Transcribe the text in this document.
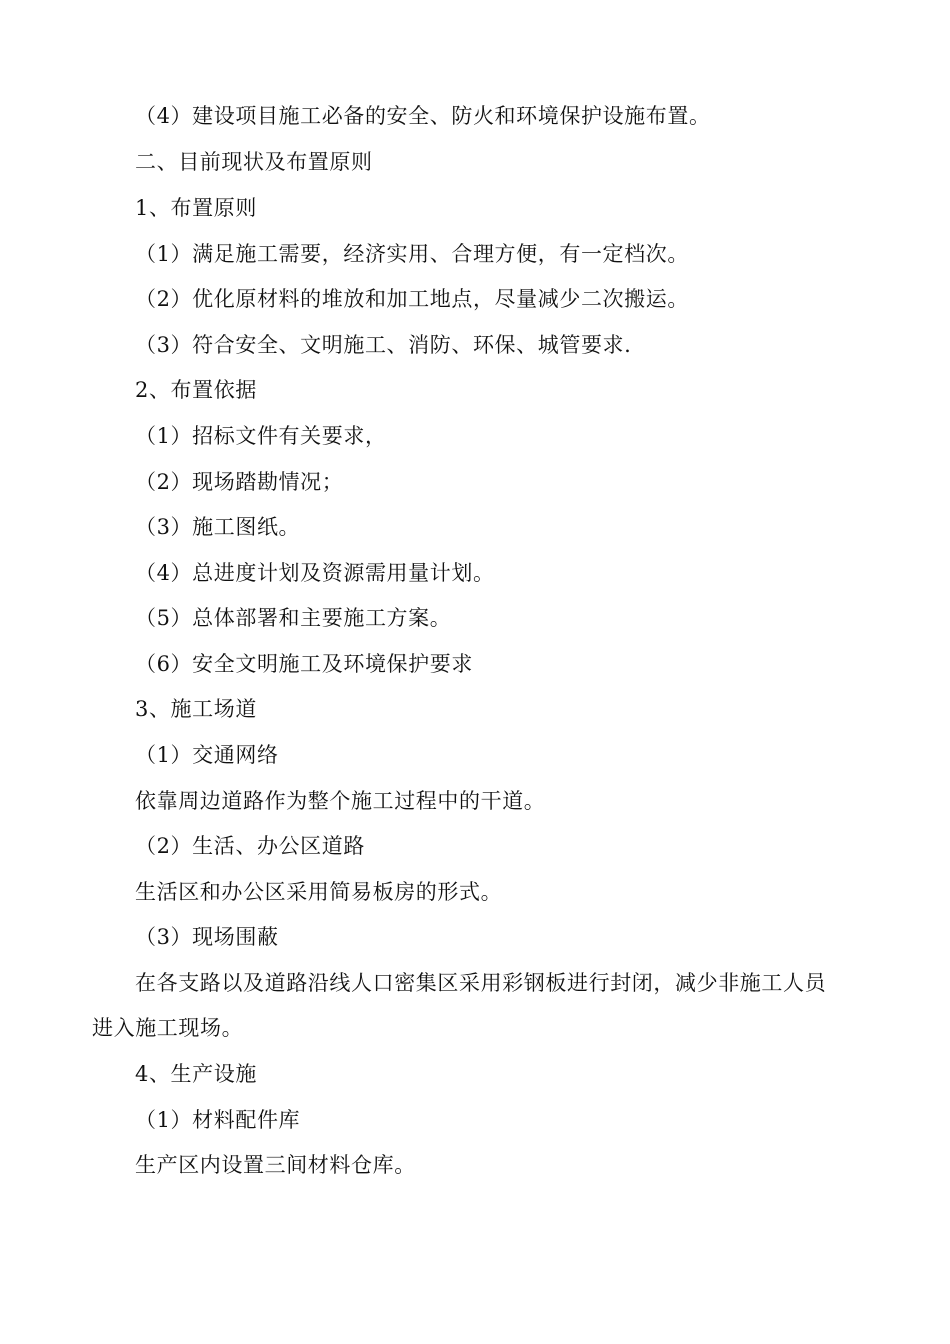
（4）建设项目施工必备的安全、防火和环境保护设施布置。
二、目前现状及布置原则
1、布置原则
（1）满足施工需要，经济实用、合理方便，有一定档次。
（2）优化原材料的堆放和加工地点，尽量减少二次搬运。
（3）符合安全、文明施工、消防、环保、城管要求.
2、布置依据
（1）招标文件有关要求，
（2）现场踏勘情况；
（3）施工图纸。
（4）总进度计划及资源需用量计划。
（5）总体部署和主要施工方案。
（6）安全文明施工及环境保护要求
3、施工场道
（1）交通网络
依靠周边道路作为整个施工过程中的干道。
（2）生活、办公区道路
生活区和办公区采用简易板房的形式。
（3）现场围蔽
在各支路以及道路沿线人口密集区采用彩钢板进行封闭，减少非施工人员
进入施工现场。
4、生产设施
（1）材料配件库
生产区内设置三间材料仓库。
